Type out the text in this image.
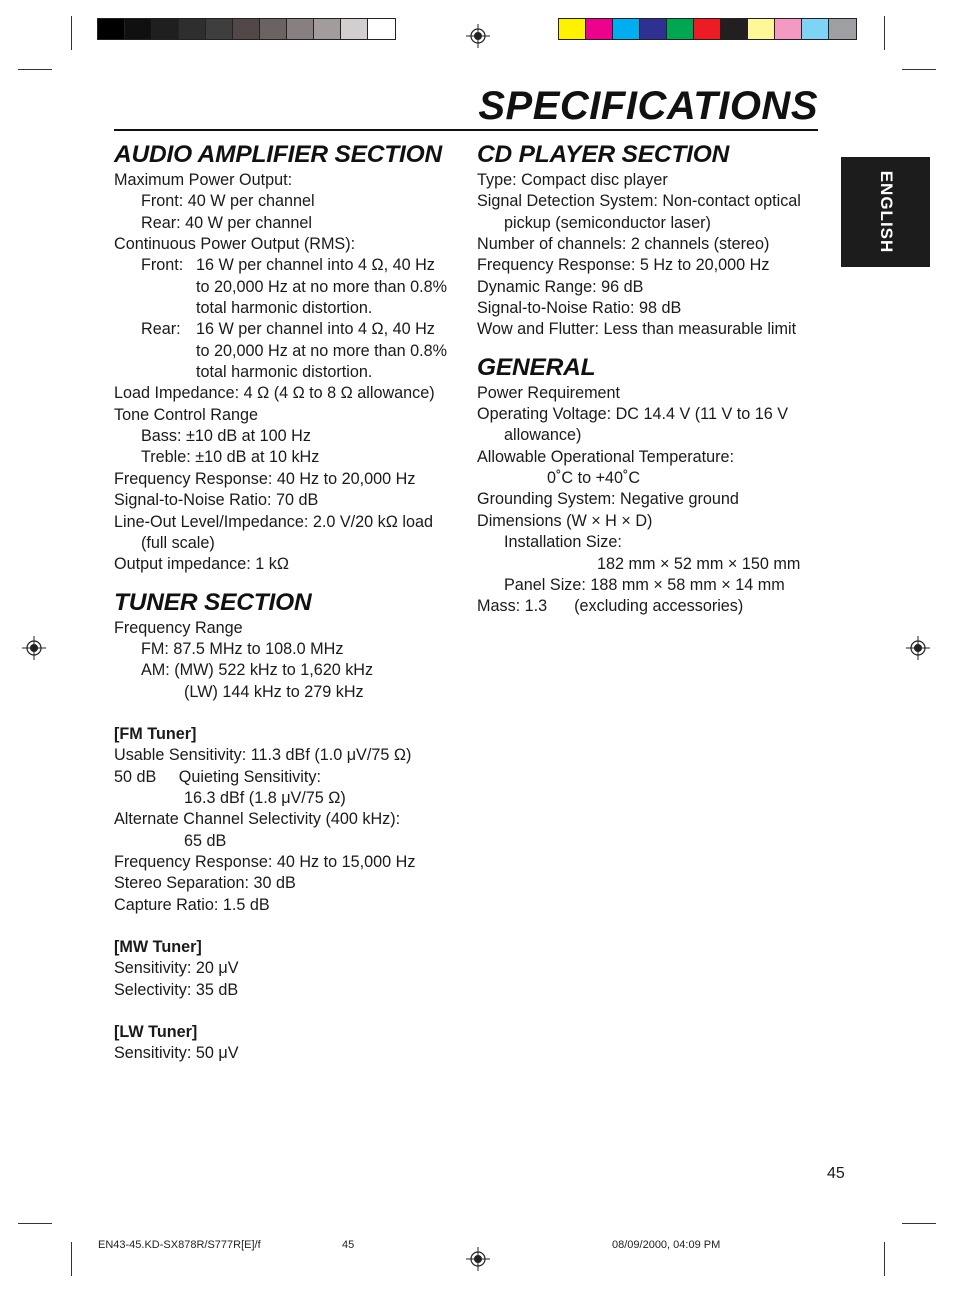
SPECIFICATIONS
ENGLISH
AUDIO AMPLIFIER SECTION
Maximum Power Output:
Front: 40 W per channel
Rear: 40 W per channel
Continuous Power Output (RMS):
Front: 16 W per channel into 4 Ω, 40 Hz
to 20,000 Hz at no more than 0.8%
total harmonic distortion.
Rear: 16 W per channel into 4 Ω, 40 Hz
to 20,000 Hz at no more than 0.8%
total harmonic distortion.
Load Impedance: 4 Ω (4 Ω to 8 Ω allowance)
Tone Control Range
Bass: ±10 dB at 100 Hz
Treble: ±10 dB at 10 kHz
Frequency Response: 40 Hz to 20,000 Hz
Signal-to-Noise Ratio: 70 dB
Line-Out Level/Impedance: 2.0 V/20 kΩ load
(full scale)
Output impedance: 1 kΩ
TUNER SECTION
Frequency Range
FM: 87.5 MHz to 108.0 MHz
AM: (MW) 522 kHz to 1,620 kHz
(LW) 144 kHz to 279 kHz
[FM Tuner]
Usable Sensitivity: 11.3 dBf (1.0 μV/75 Ω)
50 dB     Quieting Sensitivity:
16.3 dBf (1.8 μV/75 Ω)
Alternate Channel Selectivity (400 kHz):
65 dB
Frequency Response: 40 Hz to 15,000 Hz
Stereo Separation: 30 dB
Capture Ratio: 1.5 dB
[MW Tuner]
Sensitivity: 20 μV
Selectivity: 35 dB
[LW Tuner]
Sensitivity: 50 μV
CD PLAYER SECTION
Type: Compact disc player
Signal Detection System: Non-contact optical
pickup (semiconductor laser)
Number of channels: 2 channels (stereo)
Frequency Response: 5 Hz to 20,000 Hz
Dynamic Range: 96 dB
Signal-to-Noise Ratio: 98 dB
Wow and Flutter: Less than measurable limit
GENERAL
Power Requirement
Operating Voltage: DC 14.4 V (11 V to 16 V
allowance)
Allowable Operational Temperature:
0˚C to +40˚C
Grounding System: Negative ground
Dimensions (W × H × D)
Installation Size:
182 mm × 52 mm × 150 mm
Panel Size: 188 mm × 58 mm × 14 mm
Mass: 1.3      (excluding accessories)
45
EN43-45.KD-SX878R/S777R[E]/f	45	08/09/2000, 04:09 PM
